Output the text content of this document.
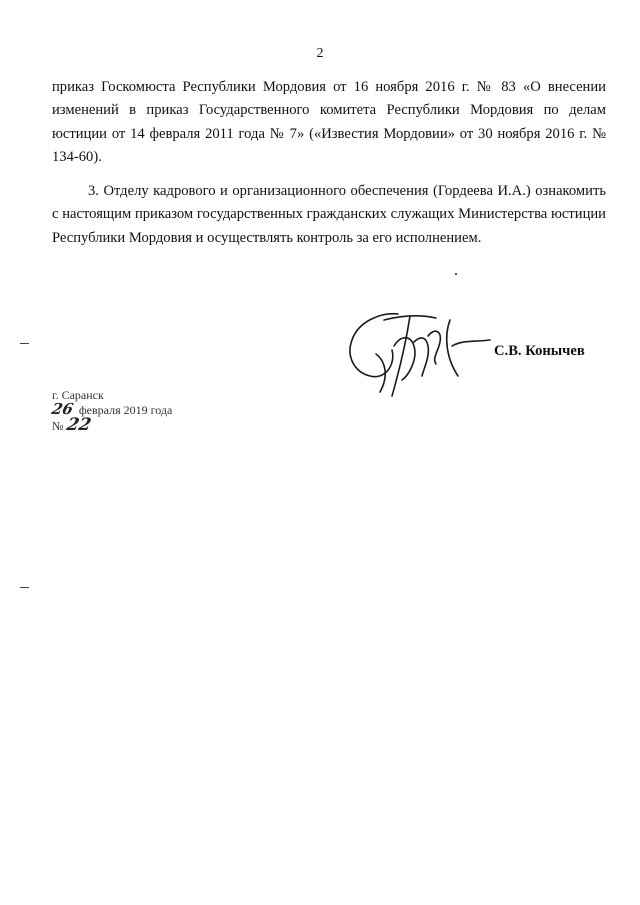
2

приказ Госкомюста Республики Мордовия от 16 ноября 2016 г. № 83 «О внесении изменений в приказ Государственного комитета Республики Мордовия по делам юстиции от 14 февраля 2011 года № 7» («Известия Мордовии» от 30 ноября 2016 г. № 134-60).

3. Отделу кадрового и организационного обеспечения (Гордеева И.А.) ознакомить с настоящим приказом государственных гражданских служащих Министерства юстиции Республики Мордовия и осуществлять контроль за его исполнением.

С.В. Конычев
г. Саранск
26 февраля 2019 года
№ 22
